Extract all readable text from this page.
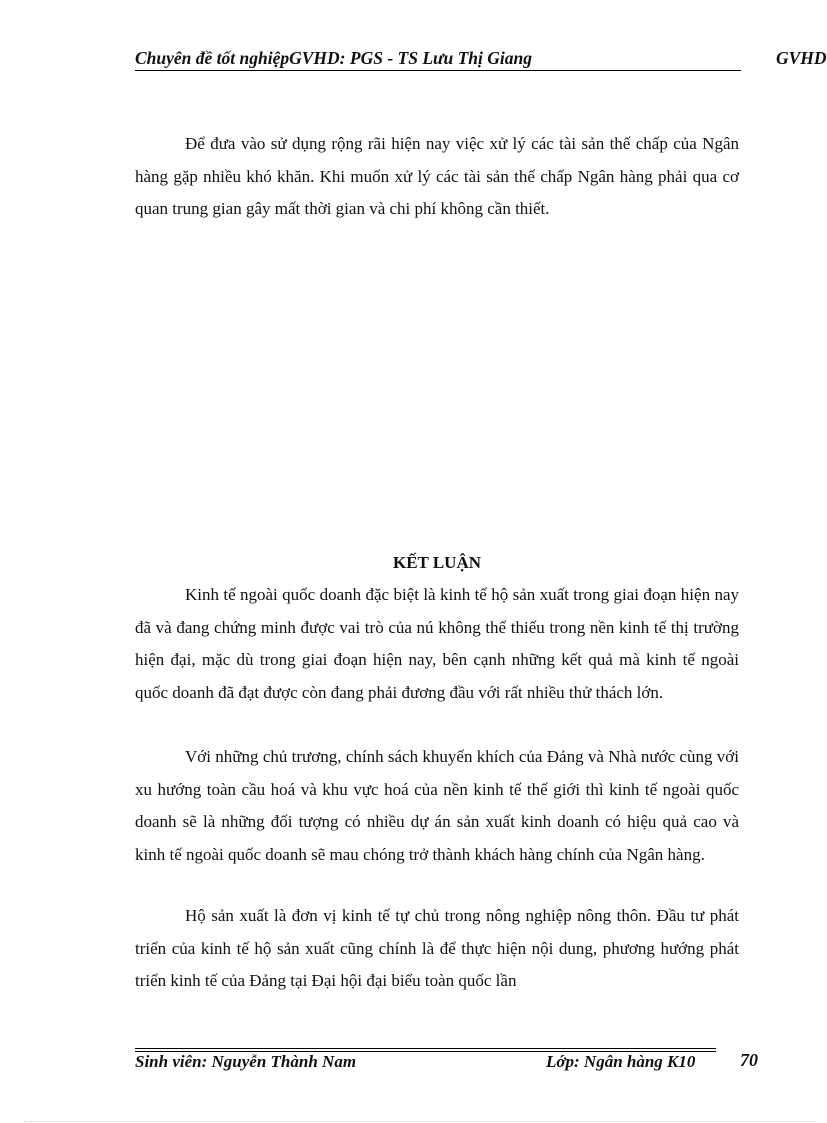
Chuyên đề tốt nghiệpGVHD: PGS - TS Lưu Thị Giang	GVHD

Để đưa vào sử dụng rộng rãi hiện nay việc xử lý các tài sản thế chấp của Ngân hàng gặp nhiều khó khăn. Khi muốn xử lý các tài sản thế chấp Ngân hàng phải qua cơ quan trung gian gây mất thời gian và chi phí không cần thiết.

KẾT LUẬN

Kinh tế ngoài quốc doanh đặc biệt là kinh tế hộ sản xuất trong giai đoạn hiện nay đã và đang chứng minh được vai trò của nú không thể thiếu trong nền kinh tế thị trường hiện đại, mặc dù trong giai đoạn hiện nay, bên cạnh những kết quả mà kinh tế ngoài quốc doanh đã đạt được còn đang phải đương đầu với rất nhiều thử thách lớn.

Với những chủ trương, chính sách khuyến khích của Đảng và Nhà nước cùng với xu hướng toàn cầu hoá và khu vực hoá của nền kinh tế thế giới thì kinh tế ngoài quốc doanh sẽ là những đối tượng có nhiều dự án sản xuất kinh doanh có hiệu quả cao và kinh tế ngoài quốc doanh sẽ mau chóng trở thành khách hàng chính của Ngân hàng.

Hộ sản xuất là đơn vị kinh tế tự chủ trong nông nghiệp nông thôn. Đầu tư phát triển của kinh tế hộ sản xuất cũng chính là để thực hiện nội dung, phương hướng phát triển kinh tế của Đảng tại Đại hội đại biểu toàn quốc lần

Sinh viên: Nguyễn Thành Nam	Lớp: Ngân hàng K10 70
